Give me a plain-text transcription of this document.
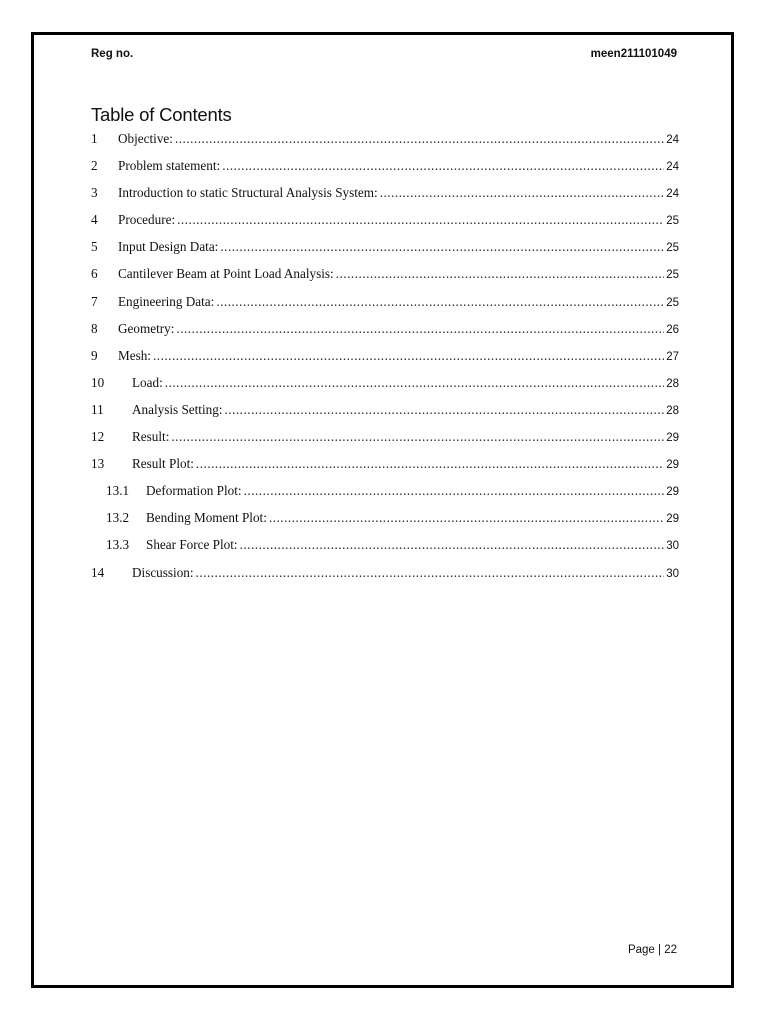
Reg no.	meen211101049
Table of Contents
1	Objective: .....	24
2	Problem statement: .....	24
3	Introduction to static Structural Analysis System: .....	24
4	Procedure: .....	25
5	Input Design Data: .....	25
6	Cantilever Beam at Point Load Analysis: .....	25
7	Engineering Data: .....	25
8	Geometry: .....	26
9	Mesh: .....	27
10	Load: .....	28
11	Analysis Setting: .....	28
12	Result: .....	29
13	Result Plot: .....	29
13.1	Deformation Plot: .....	29
13.2	Bending Moment Plot: .....	29
13.3	Shear Force Plot: .....	30
14	Discussion: .....	30
Page | 22
